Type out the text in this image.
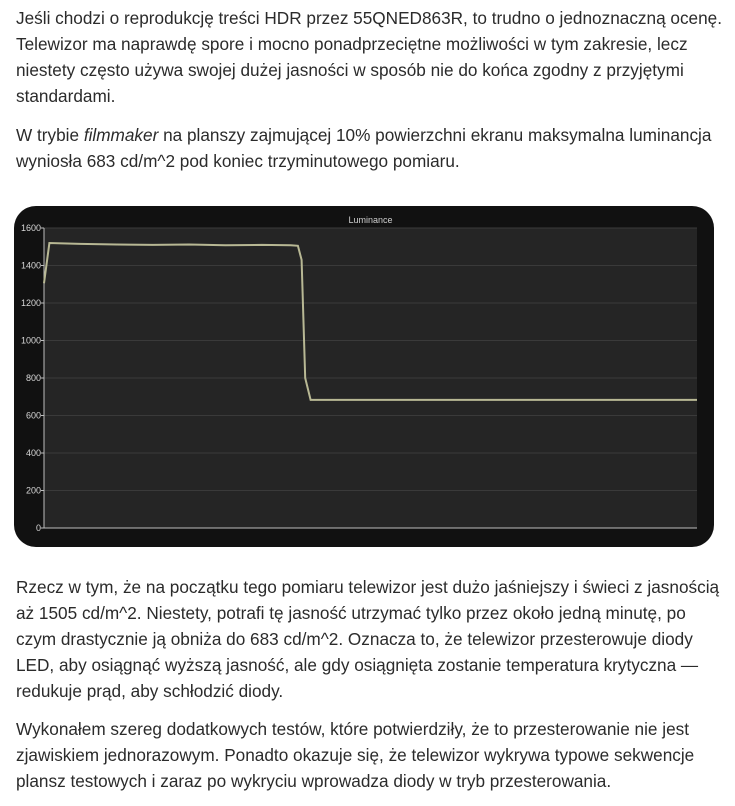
Jeśli chodzi o reprodukcję treści HDR przez 55QNED863R, to trudno o jednoznaczną ocenę. Telewizor ma naprawdę spore i mocno ponadprzeciętne możliwości w tym zakresie, lecz niestety często używa swojej dużej jasności w sposób nie do końca zgodny z przyjętymi standardami.

W trybie filmmaker na planszy zajmującej 10% powierzchni ekranu maksymalna luminancja wyniosła 683 cd/m^2 pod koniec trzyminutowego pomiaru.

0
200
400
600
800
1000
1200
1400
1600
Luminance

Rzecz w tym, że na początku tego pomiaru telewizor jest dużo jaśniejszy i świeci z jasnością aż 1505 cd/m^2. Niestety, potrafi tę jasność utrzymać tylko przez około jedną minutę, po czym drastycznie ją obniża do 683 cd/m^2. Oznacza to, że telewizor przesterowuje diody LED, aby osiągnąć wyższą jasność, ale gdy osiągnięta zostanie temperatura krytyczna — redukuje prąd, aby schłodzić diody.

Wykonałem szereg dodatkowych testów, które potwierdziły, że to przesterowanie nie jest zjawiskiem jednorazowym. Ponadto okazuje się, że telewizor wykrywa typowe sekwencje plansz testowych i zaraz po wykryciu wprowadza diody w tryb przesterowania.
